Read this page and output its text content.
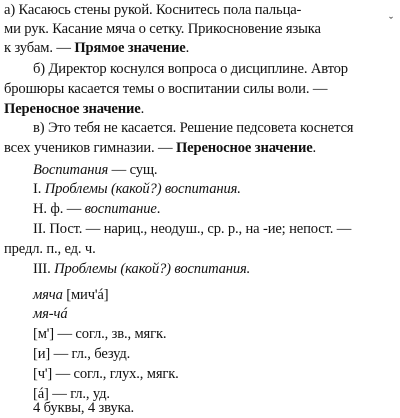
а) Касаюсь стены рукой. Коснитесь пола пальца-
ми рук. Касание мяча о сетку. Прикосновение языка	ˇ
к зубам. — Прямое значение.
б) Директор коснулся вопроса о дисциплине. Автор
брошюры касается темы о воспитании силы воли. —
Переносное значение.
в) Это тебя не касается. Решение педсовета коснется
всех учеников гимназии. — Переносное значение.
Воспитания — сущ.
I. Проблемы (какой?) воспитания.
Н. ф. — воспитание.
II. Пост. — нариц., неодуш., ср. р., на -ие; непост. —
предл. п., ед. ч.
III. Проблемы (какой?) воспитания.
мяча [мич'á]
мя-чá
[м'] — согл., зв., мягк.
[и] — гл., безуд.
[ч'] — согл., глух., мягк.
[á] — гл., уд.
4 буквы, 4 звука.
